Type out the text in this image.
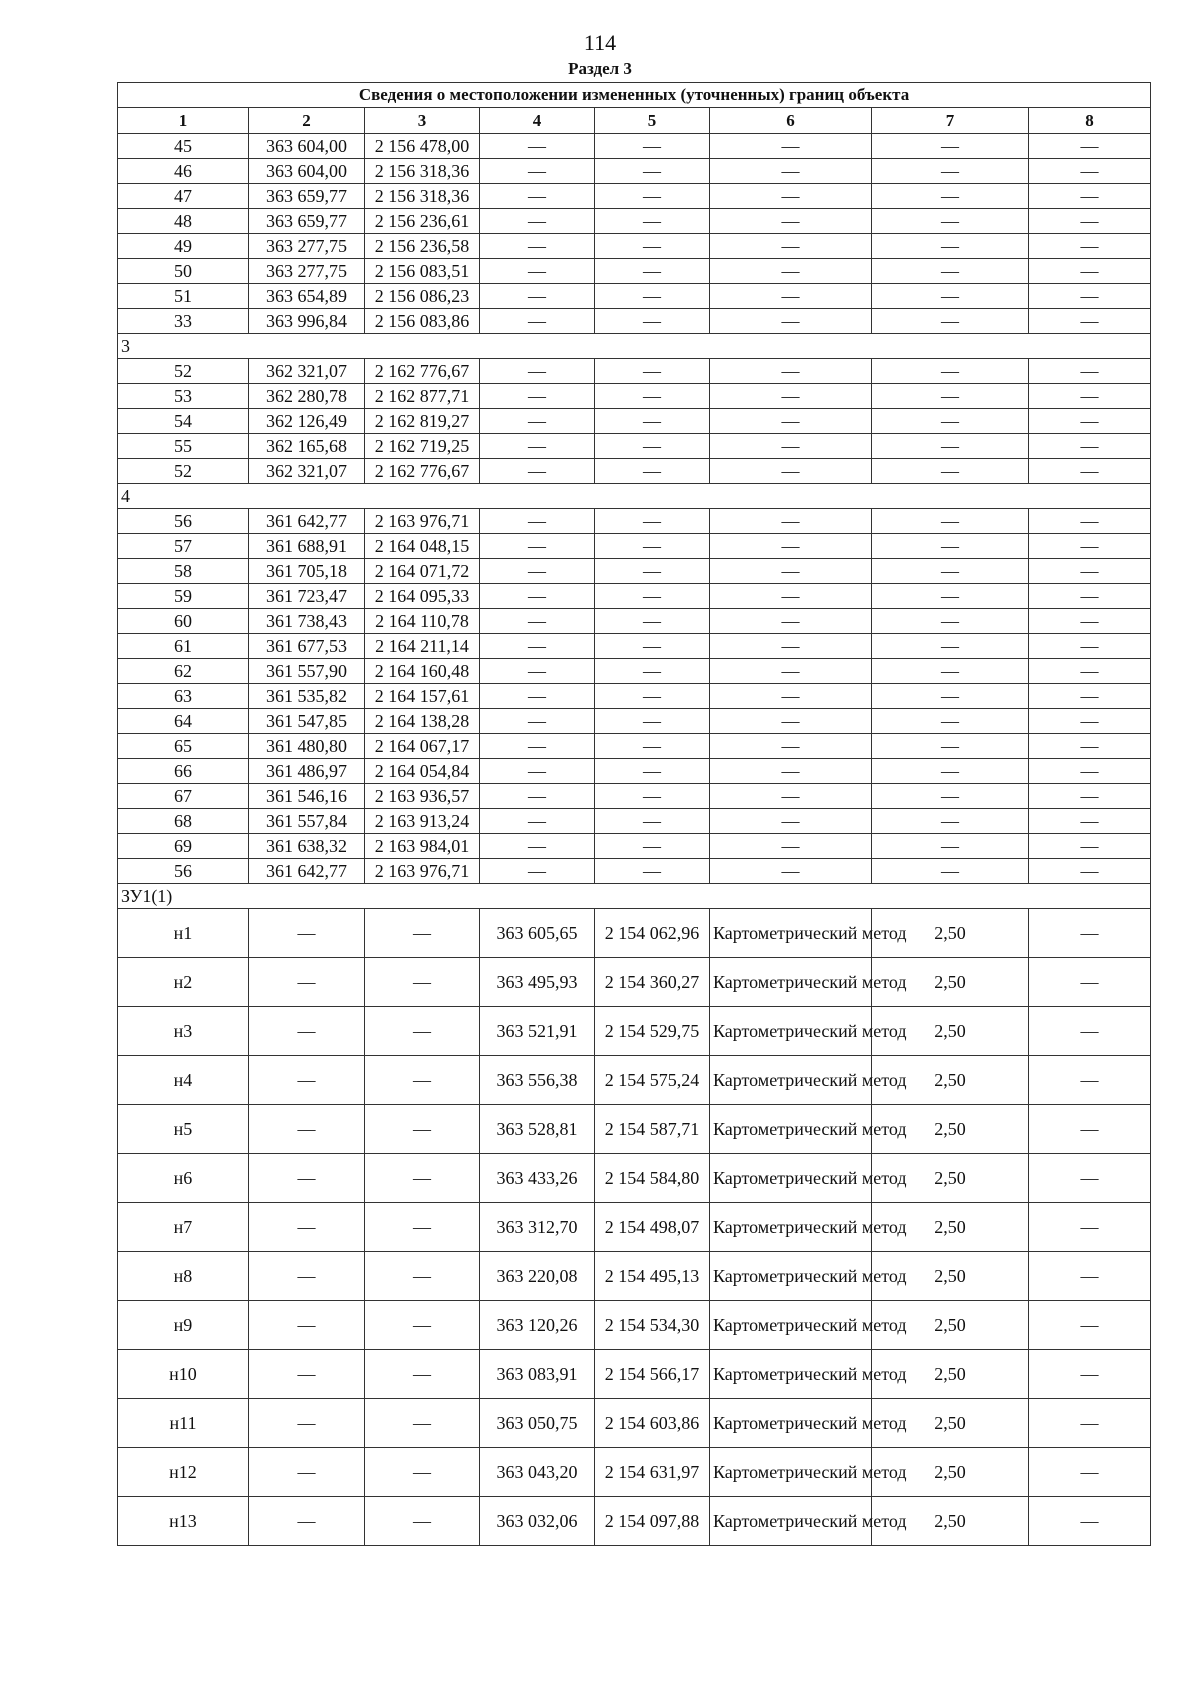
114
Раздел 3
Сведения о местоположении измененных (уточненных) границ объекта							
1	2	3	4	5	6	7	8
45	363 604,00	2 156 478,00	—	—	—	—	—
46	363 604,00	2 156 318,36	—	—	—	—	—
47	363 659,77	2 156 318,36	—	—	—	—	—
48	363 659,77	2 156 236,61	—	—	—	—	—
49	363 277,75	2 156 236,58	—	—	—	—	—
50	363 277,75	2 156 083,51	—	—	—	—	—
51	363 654,89	2 156 086,23	—	—	—	—	—
33	363 996,84	2 156 083,86	—	—	—	—	—
3							
52	362 321,07	2 162 776,67	—	—	—	—	—
53	362 280,78	2 162 877,71	—	—	—	—	—
54	362 126,49	2 162 819,27	—	—	—	—	—
55	362 165,68	2 162 719,25	—	—	—	—	—
52	362 321,07	2 162 776,67	—	—	—	—	—
4							
56	361 642,77	2 163 976,71	—	—	—	—	—
57	361 688,91	2 164 048,15	—	—	—	—	—
58	361 705,18	2 164 071,72	—	—	—	—	—
59	361 723,47	2 164 095,33	—	—	—	—	—
60	361 738,43	2 164 110,78	—	—	—	—	—
61	361 677,53	2 164 211,14	—	—	—	—	—
62	361 557,90	2 164 160,48	—	—	—	—	—
63	361 535,82	2 164 157,61	—	—	—	—	—
64	361 547,85	2 164 138,28	—	—	—	—	—
65	361 480,80	2 164 067,17	—	—	—	—	—
66	361 486,97	2 164 054,84	—	—	—	—	—
67	361 546,16	2 163 936,57	—	—	—	—	—
68	361 557,84	2 163 913,24	—	—	—	—	—
69	361 638,32	2 163 984,01	—	—	—	—	—
56	361 642,77	2 163 976,71	—	—	—	—	—
ЗУ1(1)							
н1	—	—	363 605,65	2 154 062,96	Картометрический метод	2,50	—
н2	—	—	363 495,93	2 154 360,27	Картометрический метод	2,50	—
н3	—	—	363 521,91	2 154 529,75	Картометрический метод	2,50	—
н4	—	—	363 556,38	2 154 575,24	Картометрический метод	2,50	—
н5	—	—	363 528,81	2 154 587,71	Картометрический метод	2,50	—
н6	—	—	363 433,26	2 154 584,80	Картометрический метод	2,50	—
н7	—	—	363 312,70	2 154 498,07	Картометрический метод	2,50	—
н8	—	—	363 220,08	2 154 495,13	Картометрический метод	2,50	—
н9	—	—	363 120,26	2 154 534,30	Картометрический метод	2,50	—
н10	—	—	363 083,91	2 154 566,17	Картометрический метод	2,50	—
н11	—	—	363 050,75	2 154 603,86	Картометрический метод	2,50	—
н12	—	—	363 043,20	2 154 631,97	Картометрический метод	2,50	—
н13	—	—	363 032,06	2 154 097,88	Картометрический метод	2,50	—
